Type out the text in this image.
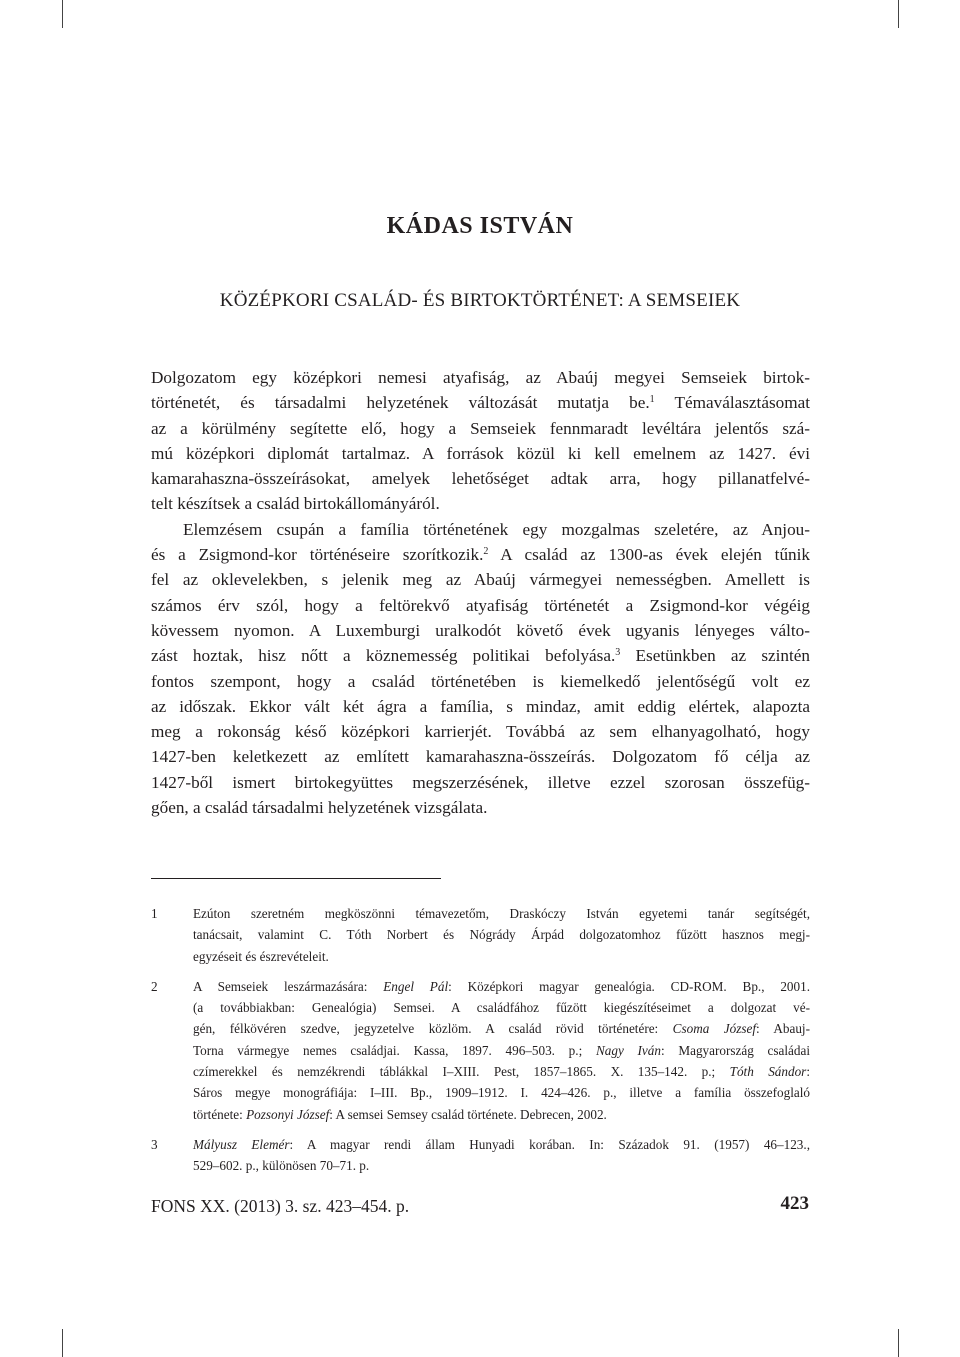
KÁDAS ISTVÁN
KÖZÉPKORI CSALÁD- ÉS BIRTOKTÖRTÉNET: A SEMSEIEK
Dolgozatom egy középkori nemesi atyafiság, az Abaúj megyei Semseiek birtok-
történetét, és társadalmi helyzetének változását mutatja be.$^1$ Témaválasztásomat
az a körülmény segítette elő, hogy a Semseiek fennmaradt levéltára jelentős szá-
mú középkori diplomát tartalmaz. A források közül ki kell emelnem az 1427. évi
kamarahaszna-összeírásokat, amelyek lehetőséget adtak arra, hogy pillanatfelvé-
telt készítsek a család birtokállományáról.
Elemzésem csupán a família történetének egy mozgalmas szeletére, az Anjou-
és a Zsigmond-kor történéseire szorítkozik.$^2$ A család az 1300-as évek elején tűnik
fel az oklevelekben, s jelenik meg az Abaúj vármegyei nemességben. Amellett is
számos érv szól, hogy a feltörekvő atyafiság történetét a Zsigmond-kor végéig
kövessem nyomon. A Luxemburgi uralkodót követő évek ugyanis lényeges válto-
zást hoztak, hisz nőtt a köznemesség politikai befolyása.$^3$ Esetünkben az szintén
fontos szempont, hogy a család történetében is kiemelkedő jelentőségű volt ez
az időszak. Ekkor vált két ágra a família, s mindaz, amit eddig elértek, alapozta
meg a rokonság késő középkori karrierjét. Továbbá az sem elhanyagolható, hogy
1427-ben keletkezett az említett kamarahaszna-összeírás. Dolgozatom fő célja az
1427-ből ismert birtokegyüttes megszerzésének, illetve ezzel szorosan összefüg-
gően, a család társadalmi helyzetének vizsgálata.
1	Ezúton szeretném megköszönni témavezetőm, Draskóczy István egyetemi tanár segítségét,
tanácsait, valamint C. Tóth Norbert és Nógrády Árpád dolgozatomhoz fűzött hasznos megj-
egyzéseit és észrevételeit.
2	A Semseiek leszármazására: Engel Pál: Középkori magyar genealógia. CD-ROM. Bp., 2001.
(a továbbiakban: Genealógia) Semsei. A családfához fűzött kiegészítéseimet a dolgozat vé-
gén, félkövéren szedve, jegyzetelve közlöm. A család rövid történetére: Csoma József: Abauj-
Torna vármegye nemes családjai. Kassa, 1897. 496–503. p.; Nagy Iván: Magyarország családai
czímerekkel és nemzékrendi táblákkal I–XIII. Pest, 1857–1865. X. 135–142. p.; Tóth Sándor:
Sáros megye monográfiája: I–III. Bp., 1909–1912. I. 424–426. p., illetve a família összefoglaló
története: Pozsonyi József: A semsei Semsey család története. Debrecen, 2002.
3	Mályusz Elemér: A magyar rendi állam Hunyadi korában. In: Századok 91. (1957) 46–123.,
529–602. p., különösen 70–71. p.
FONS XX. (2013) 3. sz. 423–454. p.	423
